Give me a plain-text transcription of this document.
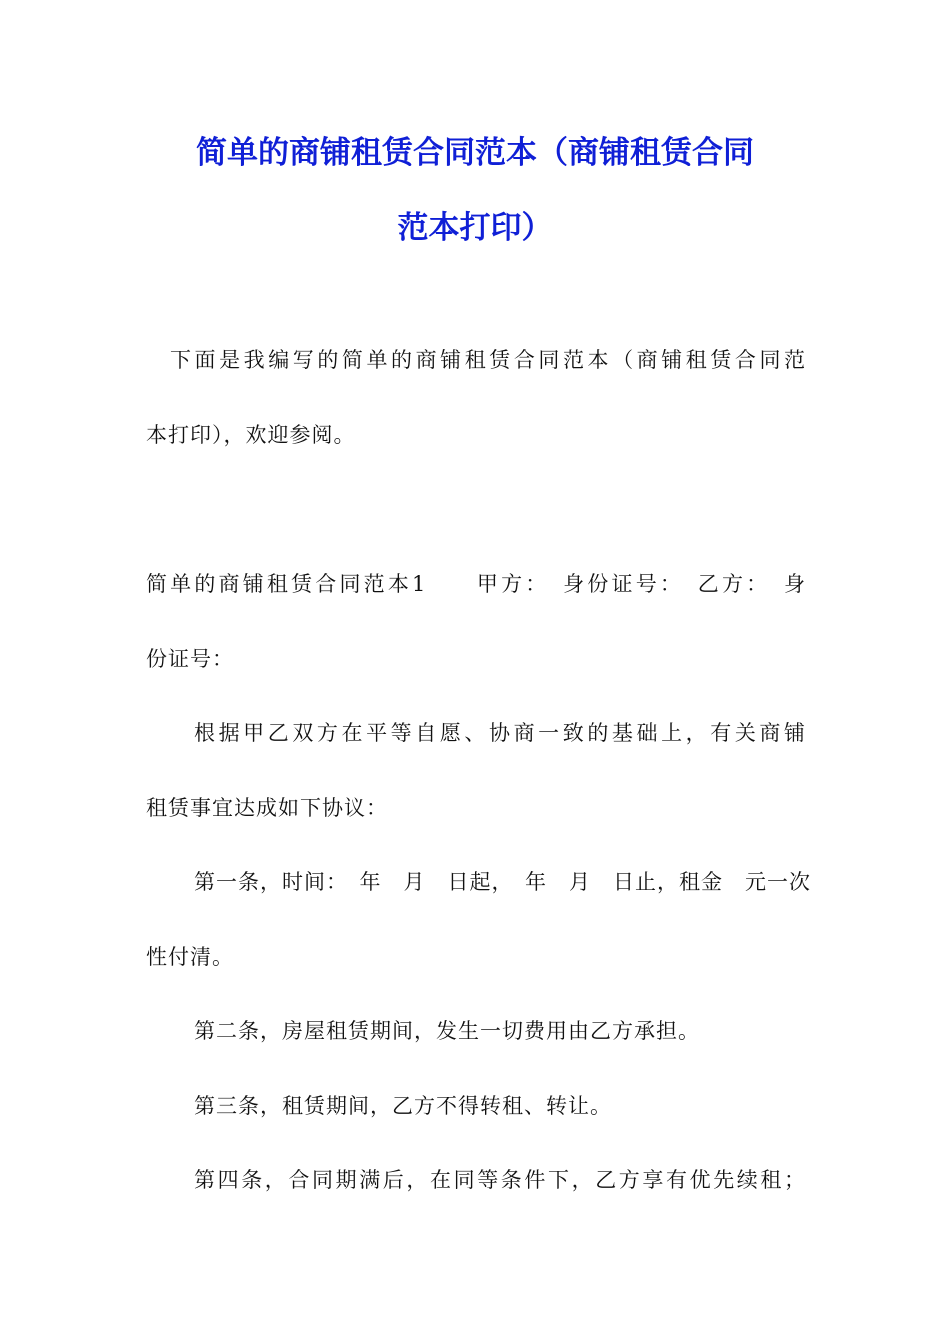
简单的商铺租赁合同范本（商铺租赁合同
范本打印）
下面是我编写的简单的商铺租赁合同范本（商铺租赁合同范
本打印），欢迎参阅。
简单的商铺租赁合同范本1　　甲方：　身份证号：　乙方：　身
份证号：
根据甲乙双方在平等自愿、协商一致的基础上，有关商铺
租赁事宜达成如下协议：
第一条，时间：　年　月　日起，　年　月　日止，租金　元一次
性付清。
第二条，房屋租赁期间，发生一切费用由乙方承担。
第三条，租赁期间，乙方不得转租、转让。
第四条，合同期满后，在同等条件下，乙方享有优先续租；
